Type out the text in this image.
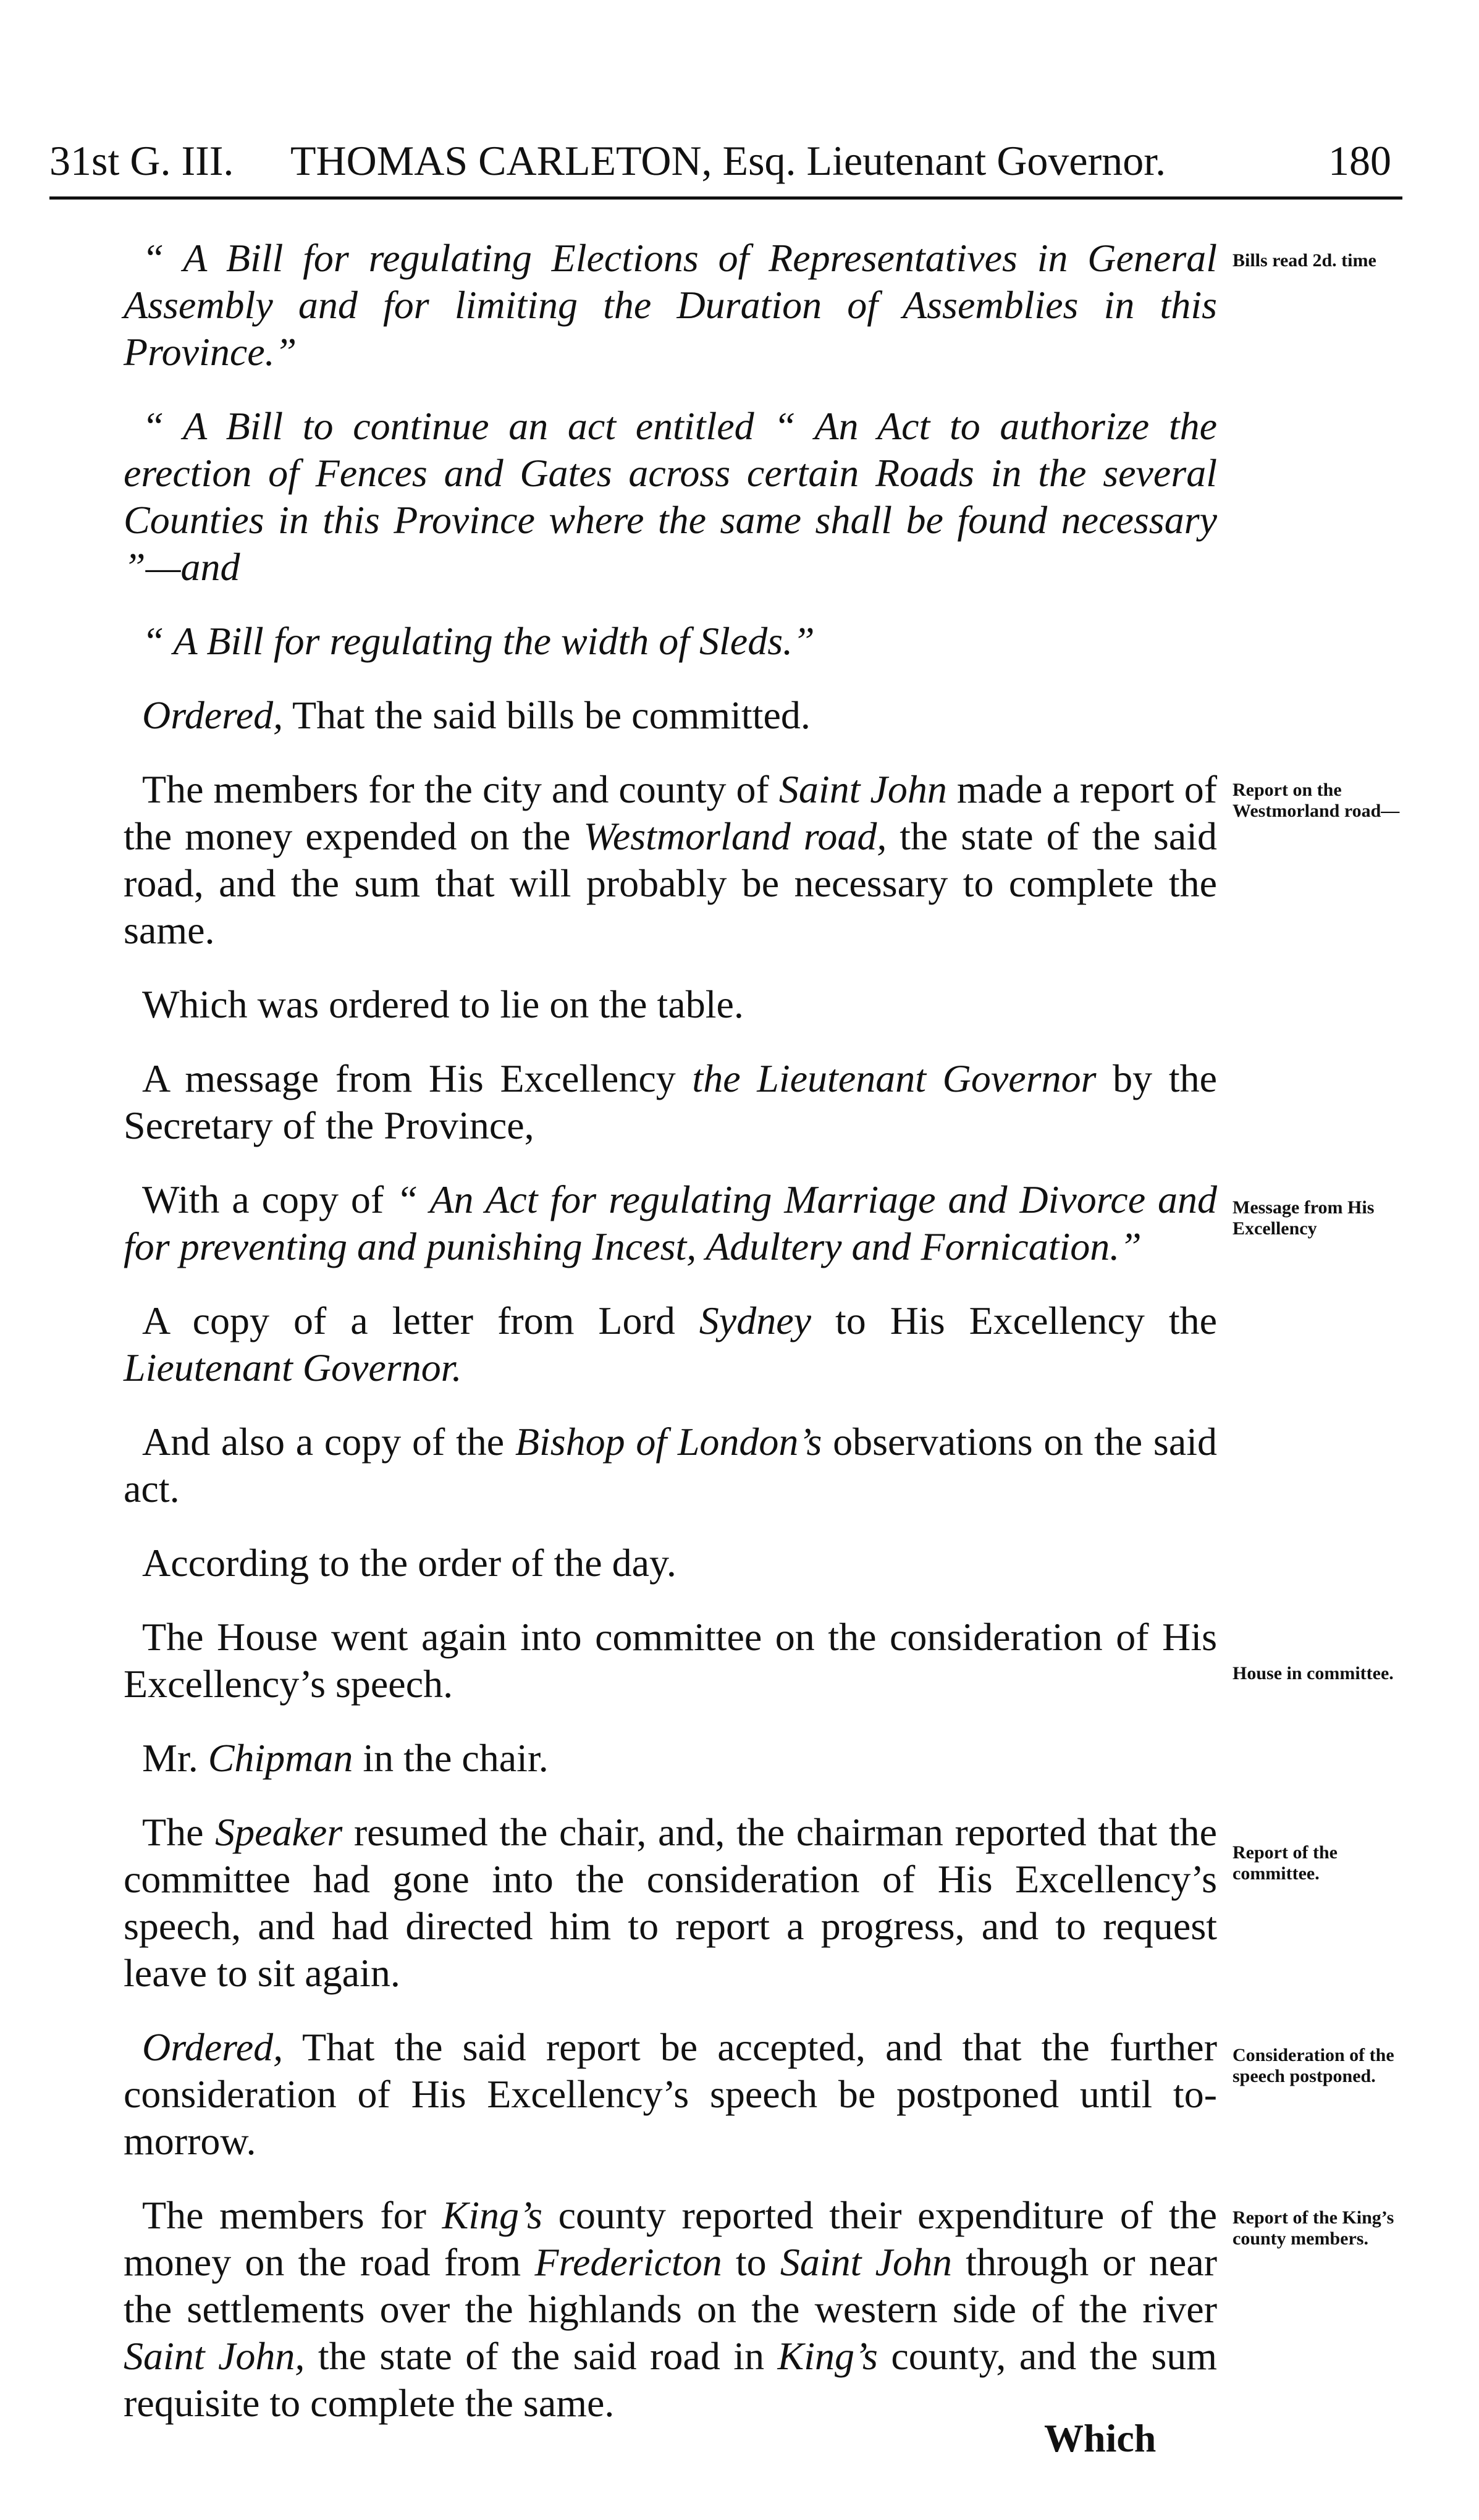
31st G. III. THOMAS CARLETON, Esq. Lieutenant Governor.	180

“ A Bill for regulating Elections of Representatives in General Assembly and for limiting the Duration of Assemblies in this Province.”

“ A Bill to continue an act entitled “ An Act to authorize the erection of Fences and Gates across certain Roads in the several Counties in this Province where the same shall be found necessary ”—and

“ A Bill for regulating the width of Sleds.”

Ordered, That the said bills be committed.

The members for the city and county of Saint John made a report of the money expended on the Westmorland road, the state of the said road, and the sum that will probably be necessary to complete the same.

Which was ordered to lie on the table.

A message from His Excellency the Lieutenant Governor by the Secretary of the Province,

With a copy of “ An Act for regulating Marriage and Divorce and for preventing and punishing Incest, Adultery and Fornication.”

A copy of a letter from Lord Sydney to His Excellency the Lieutenant Governor.

And also a copy of the Bishop of London’s observations on the said act.

According to the order of the day.

The House went again into committee on the consideration of His Excellency’s speech.

Mr. Chipman in the chair.

The Speaker resumed the chair, and, the chairman reported that the committee had gone into the consideration of His Excellency’s speech, and had directed him to report a progress, and to request leave to sit again.

Ordered, That the said report be accepted, and that the further consideration of His Excellency’s speech be postponed until to-morrow.

The members for King’s county reported their expenditure of the money on the road from Fredericton to Saint John through or near the settlements over the highlands on the western side of the river Saint John, the state of the said road in King’s county, and the sum requisite to complete the same.

Which
Bills read 2d. time
Report on the Westmorland road—
Message from His Excellency
House in committee.
Report of the committee.
Consideration of the speech postponed.
Report of the King’s county members.
